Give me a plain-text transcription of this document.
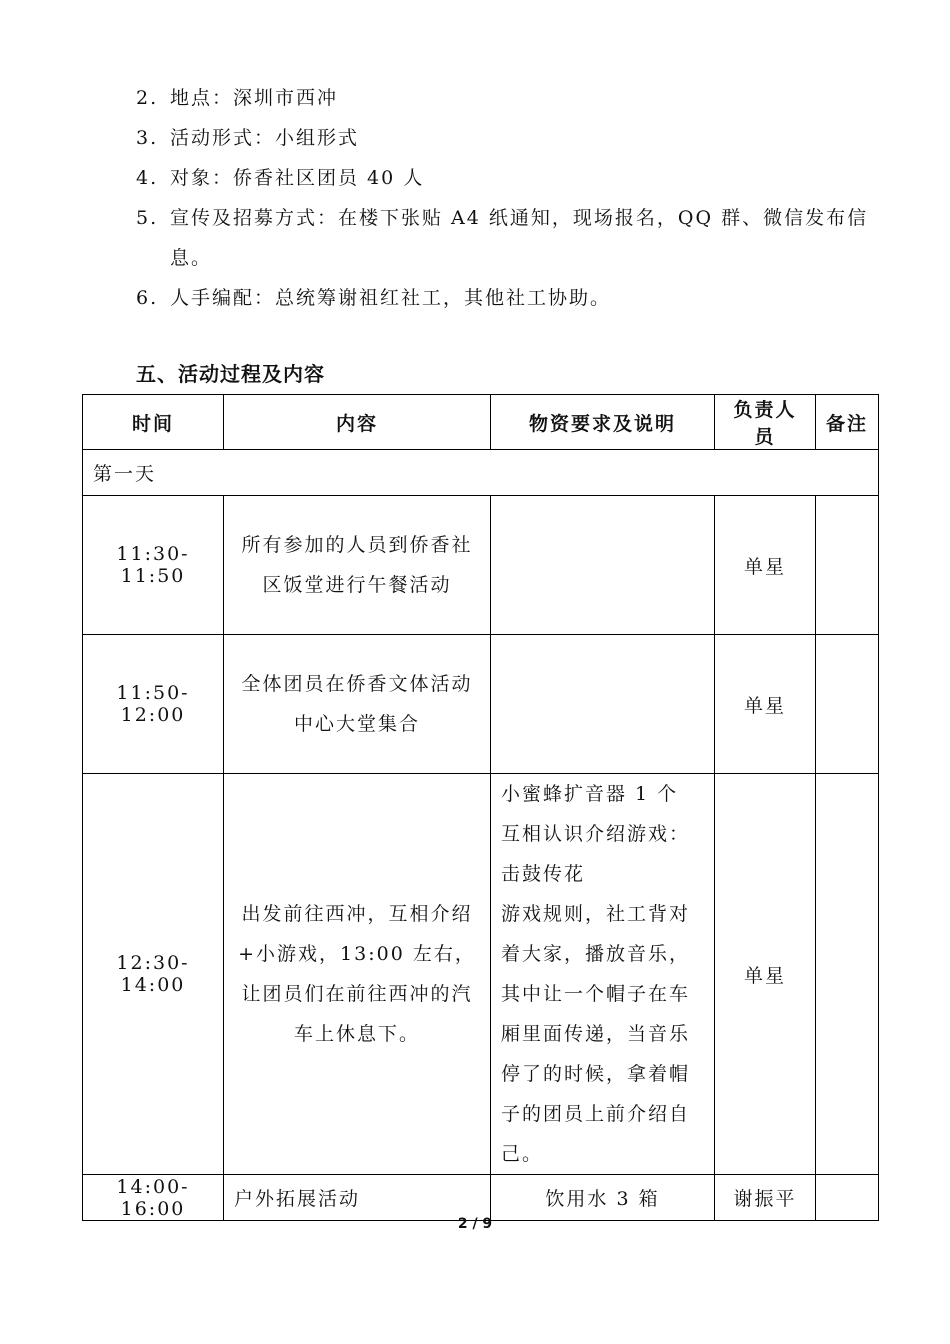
2. 地点：深圳市西冲
3. 活动形式：小组形式
4. 对象：侨香社区团员 40 人
5. 宣传及招募方式：在楼下张贴 A4 纸通知，现场报名，QQ 群、微信发布信息。
6. 人手编配：总统筹谢祖红社工，其他社工协助。
五、活动过程及内容
时间	内容	物资要求及说明	负责人员	备注
第一天				
11:30-11:50	所有参加的人员到侨香社区饭堂进行午餐活动		单星	
11:50-12:00	全体团员在侨香文体活动中心大堂集合		单星	
12:30-14:00	出发前往西冲，互相介绍+小游戏，13:00 左右，让团员们在前往西冲的汽车上休息下。	小蜜蜂扩音器 1 个
互相认识介绍游戏：
击鼓传花
游戏规则，社工背对着大家，播放音乐，其中让一个帽子在车厢里面传递，当音乐停了的时候，拿着帽子的团员上前介绍自己。	单星	
14:00-16:00	户外拓展活动	饮用水 3 箱	谢振平	
2 / 9
